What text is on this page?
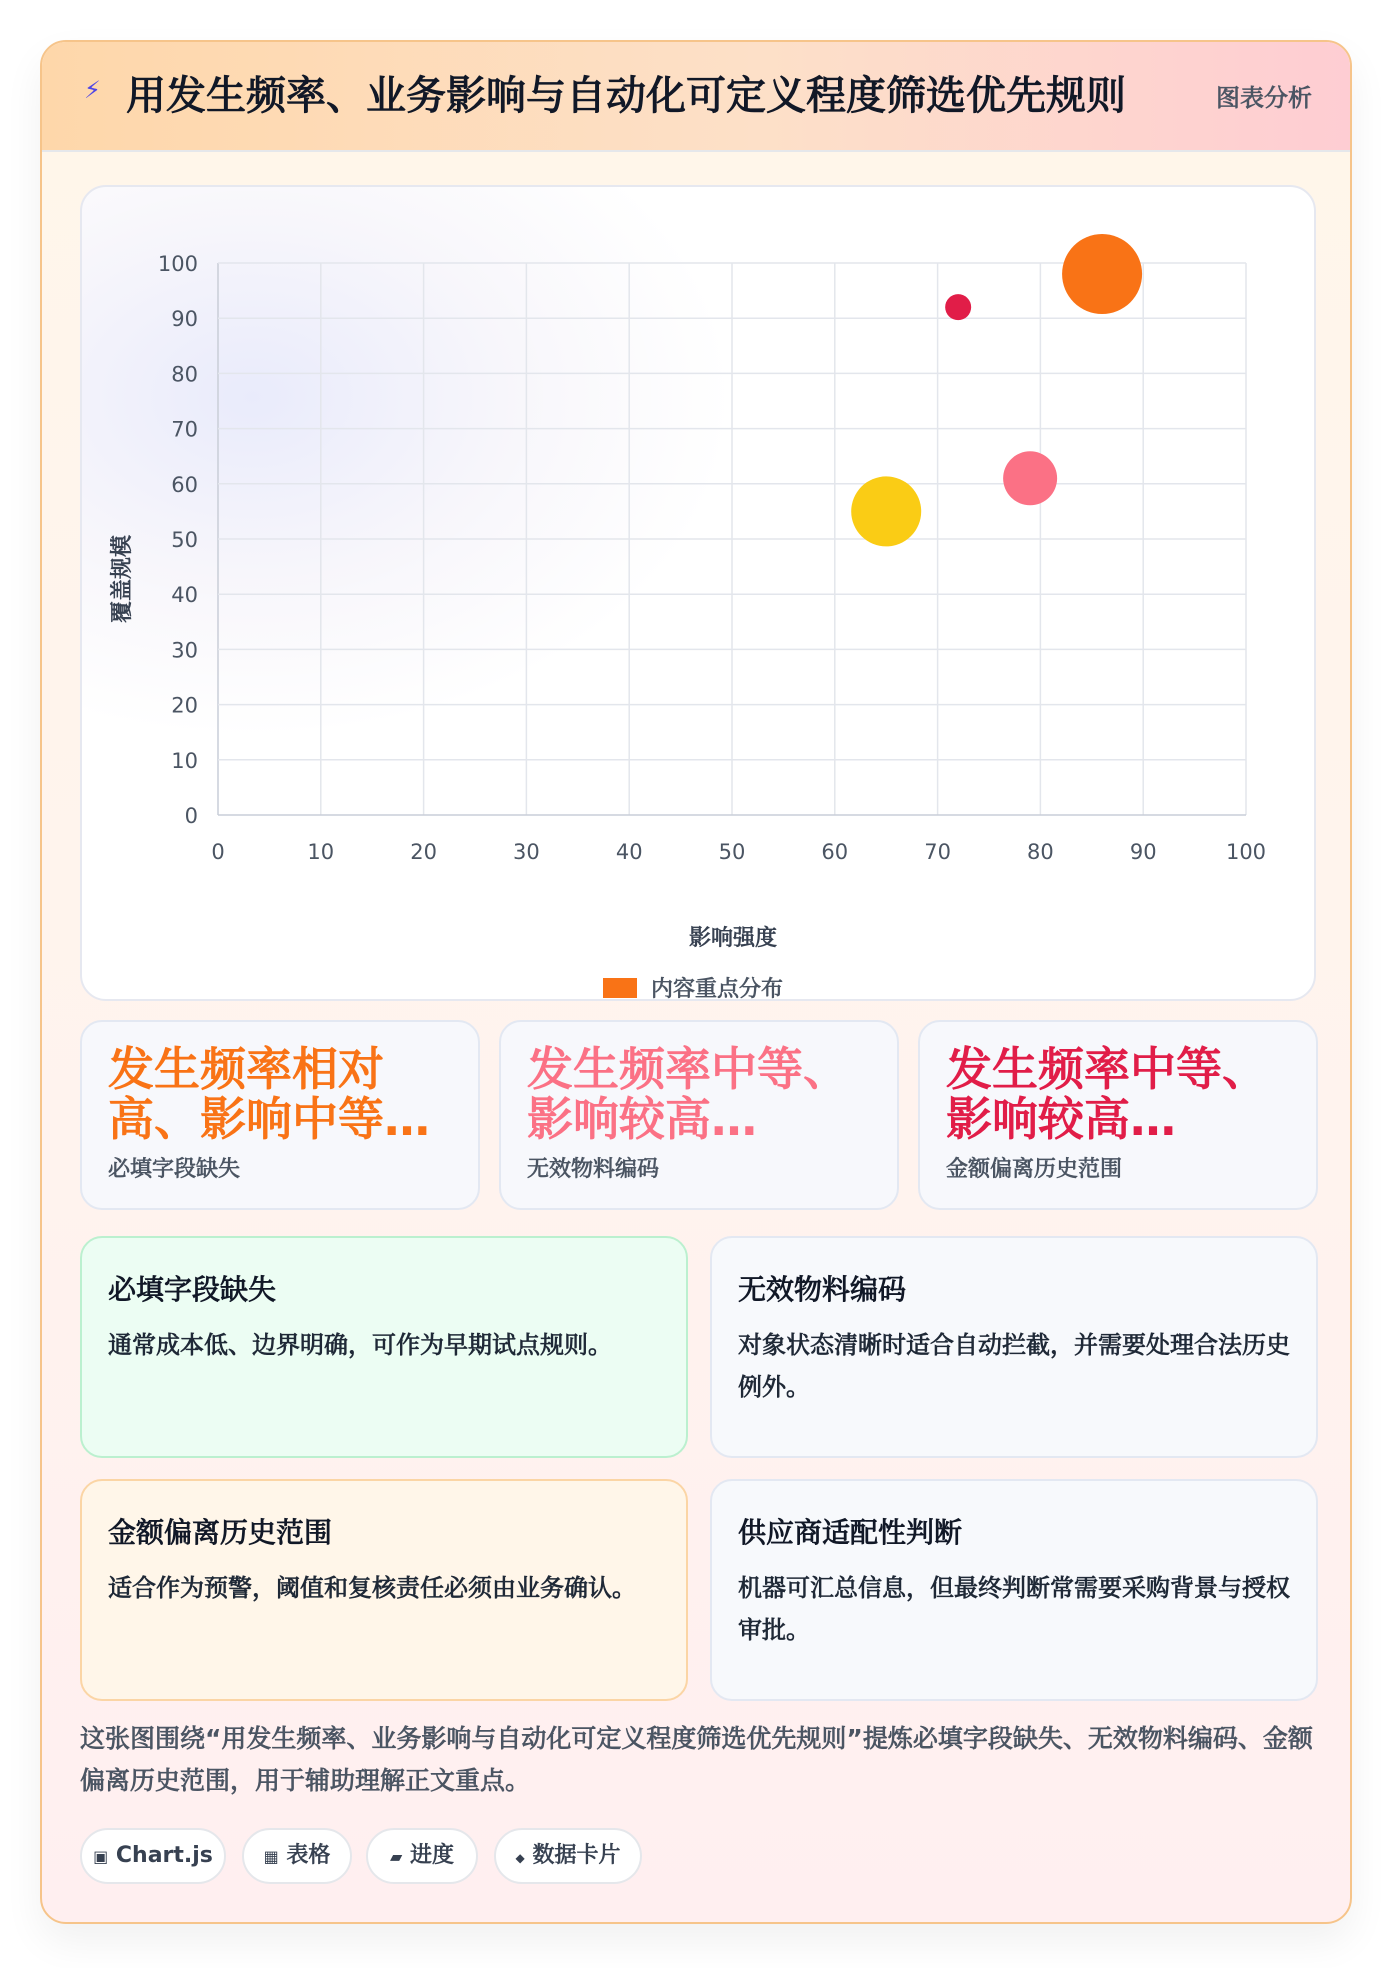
⚡ 用发生频率、业务影响与自动化可定义程度筛选优先规则	图表分析
0	10	20	30	40	50	60	70	80	90	100
0
10
20
30
40
50
60
70
80
90
100
影响强度
覆盖规模
内容重点分布
发生频率相对高、影响中等…
必填字段缺失
发生频率中等、影响较高…
无效物料编码
发生频率中等、影响较高…
金额偏离历史范围
必填字段缺失
通常成本低、边界明确，可作为早期试点规则。
无效物料编码
对象状态清晰时适合自动拦截，并需要处理合法历史例外。
金额偏离历史范围
适合作为预警，阈值和复核责任必须由业务确认。
供应商适配性判断
机器可汇总信息，但最终判断常需要采购背景与授权审批。
这张图围绕“用发生频率、业务影响与自动化可定义程度筛选优先规则”提炼必填字段缺失、无效物料编码、金额偏离历史范围，用于辅助理解正文重点。
▣ Chart.js	▦ 表格	▰ 进度	◆ 数据卡片
